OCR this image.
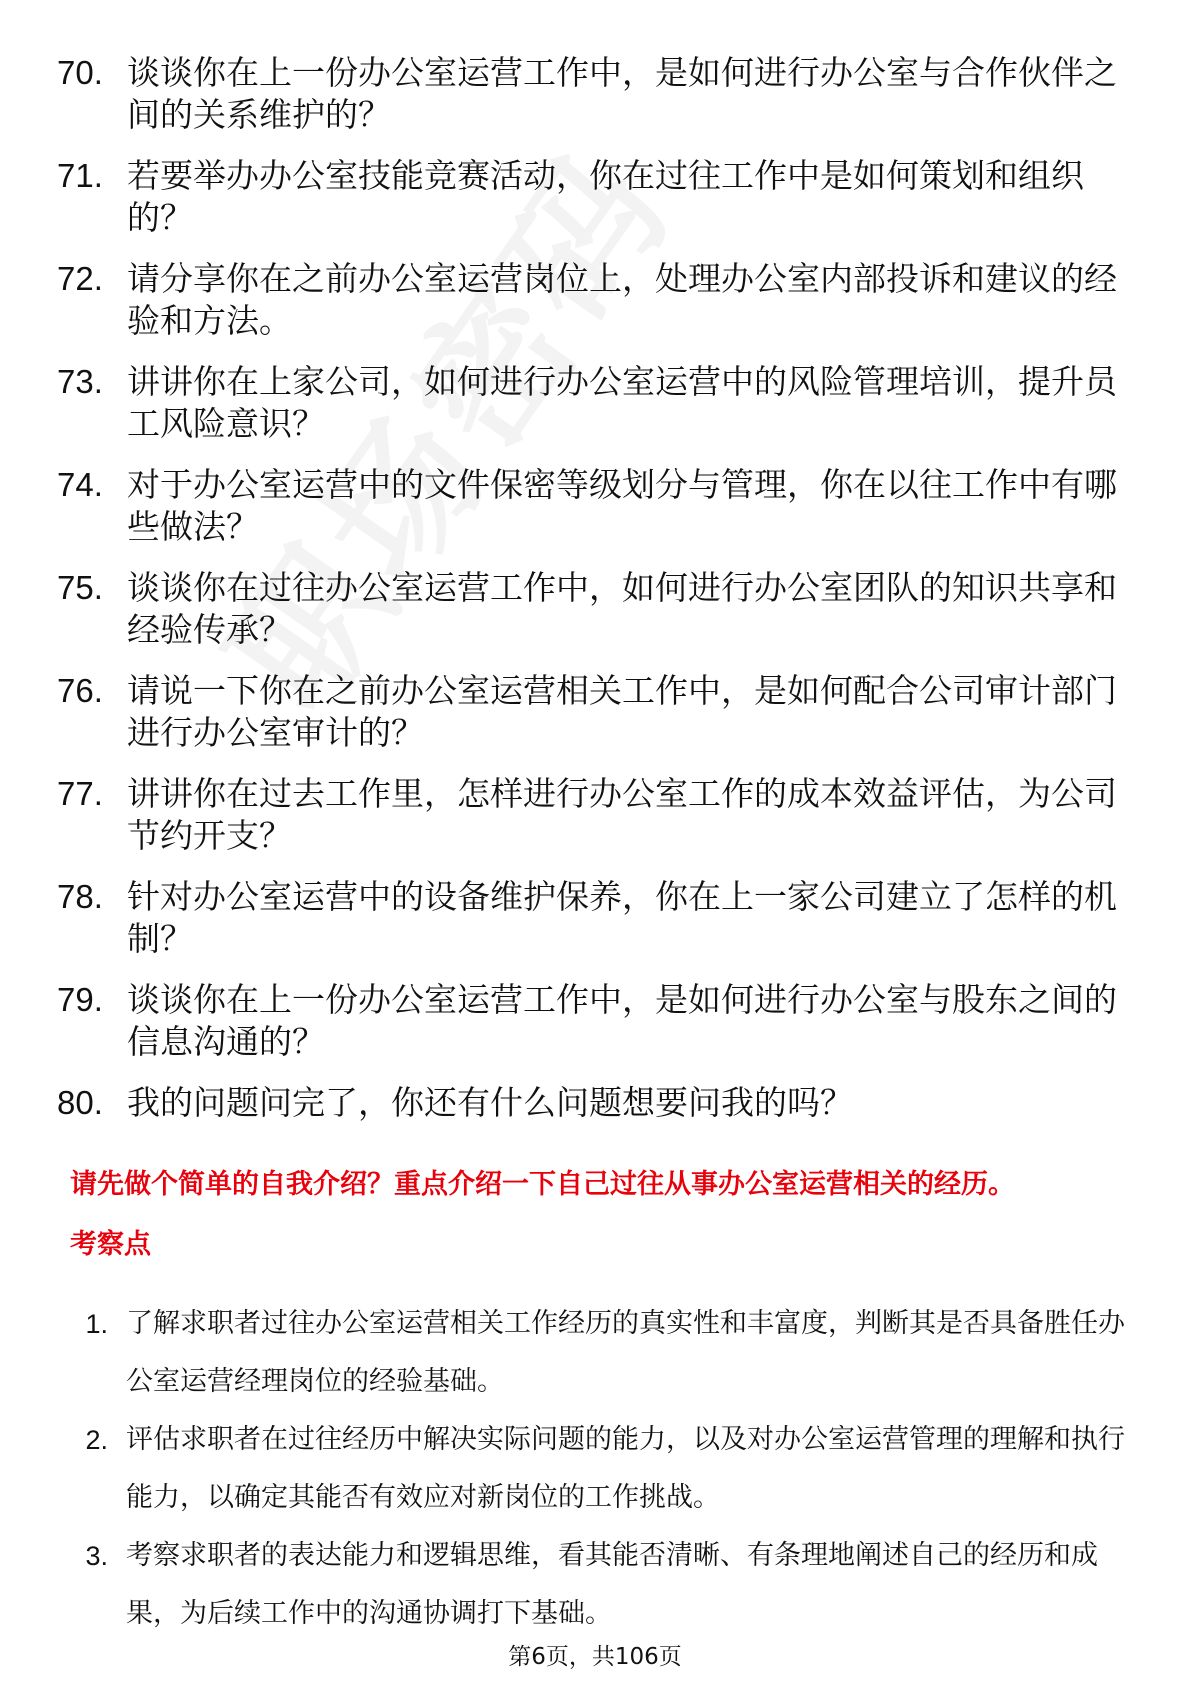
70. 谈谈你在上一份办公室运营工作中，是如何进行办公室与合作伙伴之间的关系维护的？
71. 若要举办办公室技能竞赛活动，你在过往工作中是如何策划和组织的？
72. 请分享你在之前办公室运营岗位上，处理办公室内部投诉和建议的经验和方法。
73. 讲讲你在上家公司，如何进行办公室运营中的风险管理培训，提升员工风险意识？
74. 对于办公室运营中的文件保密等级划分与管理，你在以往工作中有哪些做法？
75. 谈谈你在过往办公室运营工作中，如何进行办公室团队的知识共享和经验传承？
76. 请说一下你在之前办公室运营相关工作中，是如何配合公司审计部门进行办公室审计的？
77. 讲讲你在过去工作里，怎样进行办公室工作的成本效益评估，为公司节约开支？
78. 针对办公室运营中的设备维护保养，你在上一家公司建立了怎样的机制？
79. 谈谈你在上一份办公室运营工作中，是如何进行办公室与股东之间的信息沟通的？
80. 我的问题问完了，你还有什么问题想要问我的吗？
请先做个简单的自我介绍？重点介绍一下自己过往从事办公室运营相关的经历。
考察点
1. 了解求职者过往办公室运营相关工作经历的真实性和丰富度，判断其是否具备胜任办公室运营经理岗位的经验基础。
2. 评估求职者在过往经历中解决实际问题的能力，以及对办公室运营管理的理解和执行能力，以确定其能否有效应对新岗位的工作挑战。
3. 考察求职者的表达能力和逻辑思维，看其能否清晰、有条理地阐述自己的经历和成果，为后续工作中的沟通协调打下基础。
第6页，共106页
